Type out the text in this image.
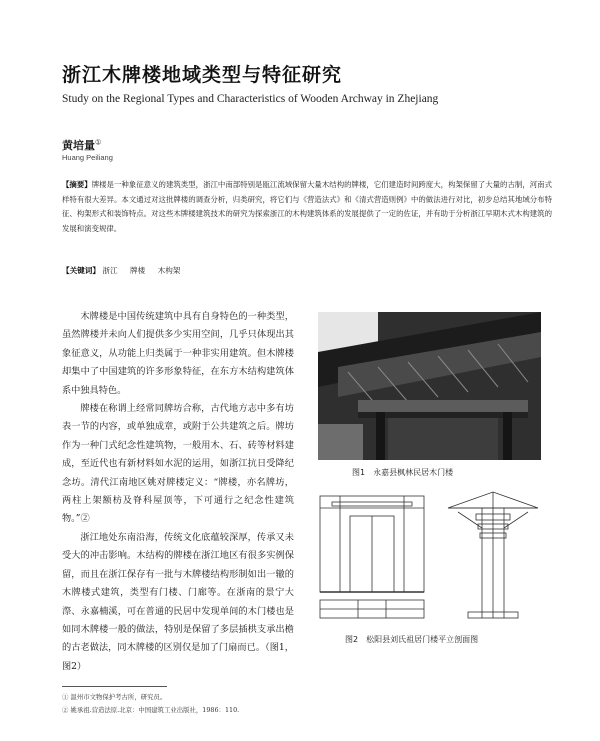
浙江木牌楼地域类型与特征研究
Study on the Regional Types and Characteristics of Wooden Archway in Zhejiang
黄培量①
Huang Peiliang
【摘要】牌楼是一种象征意义的建筑类型，浙江中南部特别是瓯江流域保留大量木结构的牌楼，它们建造时间跨度大，构架保留了大量的古制，河南式样特有很大差异。本文通过对这批牌楼的调查分析，归类研究，将它们与《营造法式》和《清式营造则例》中的做法进行对比，初步总结其地域分布特征、构架形式和装饰特点。对这些木牌楼建筑技术的研究为探索浙江的木构建筑体系的发展提供了一定的佐证，并有助于分析浙江早期木式木构建筑的发展和演变规律。
【关键词】 浙江 牌楼 木构架

木牌楼是中国传统建筑中具有自身特色的一种类型，虽然牌楼并未向人们提供多少实用空间，几乎只体现出其象征意义，从功能上归类属于一种非实用建筑。但木牌楼却集中了中国建筑的许多形象特征，在东方木结构建筑体系中独具特色。

牌楼在称谓上经常同牌坊合称，古代地方志中多有坊表一节的内容，或单独成章，或附于公共建筑之后。牌坊作为一种门式纪念性建筑物，一般用木、石、砖等材料建成，至近代也有新材料如水泥的运用，如浙江抗日受降纪念坊。清代江南地区姚对牌楼定义：“牌楼，亦名牌坊，两柱上架额枋及脊科屋顶等，下可通行之纪念性建筑物。”②

浙江地处东南沿海，传统文化底蕴较深厚，传承又未受大的冲击影响。木结构的牌楼在浙江地区有很多实例保留，而且在浙江保存有一批与木牌楼结构形制如出一辙的木牌楼式建筑，类型有门楼、门廊等。在浙南的景宁大漈、永嘉楠溪，可在普通的民居中发现单间的木门楼也是如同木牌楼一般的做法，特别是保留了多层插栱支承出檐的古老做法，同木牌楼的区别仅是加了门扇而已。（图1，图2）

图1　永嘉县枫林民居木门楼
图2　松阳县刘氏祖居门楼平立剖面图
① 温州市文物保护考古所，研究员。
② 姚承祖.营造法原.北京：中国建筑工业出版社，1986：110.
